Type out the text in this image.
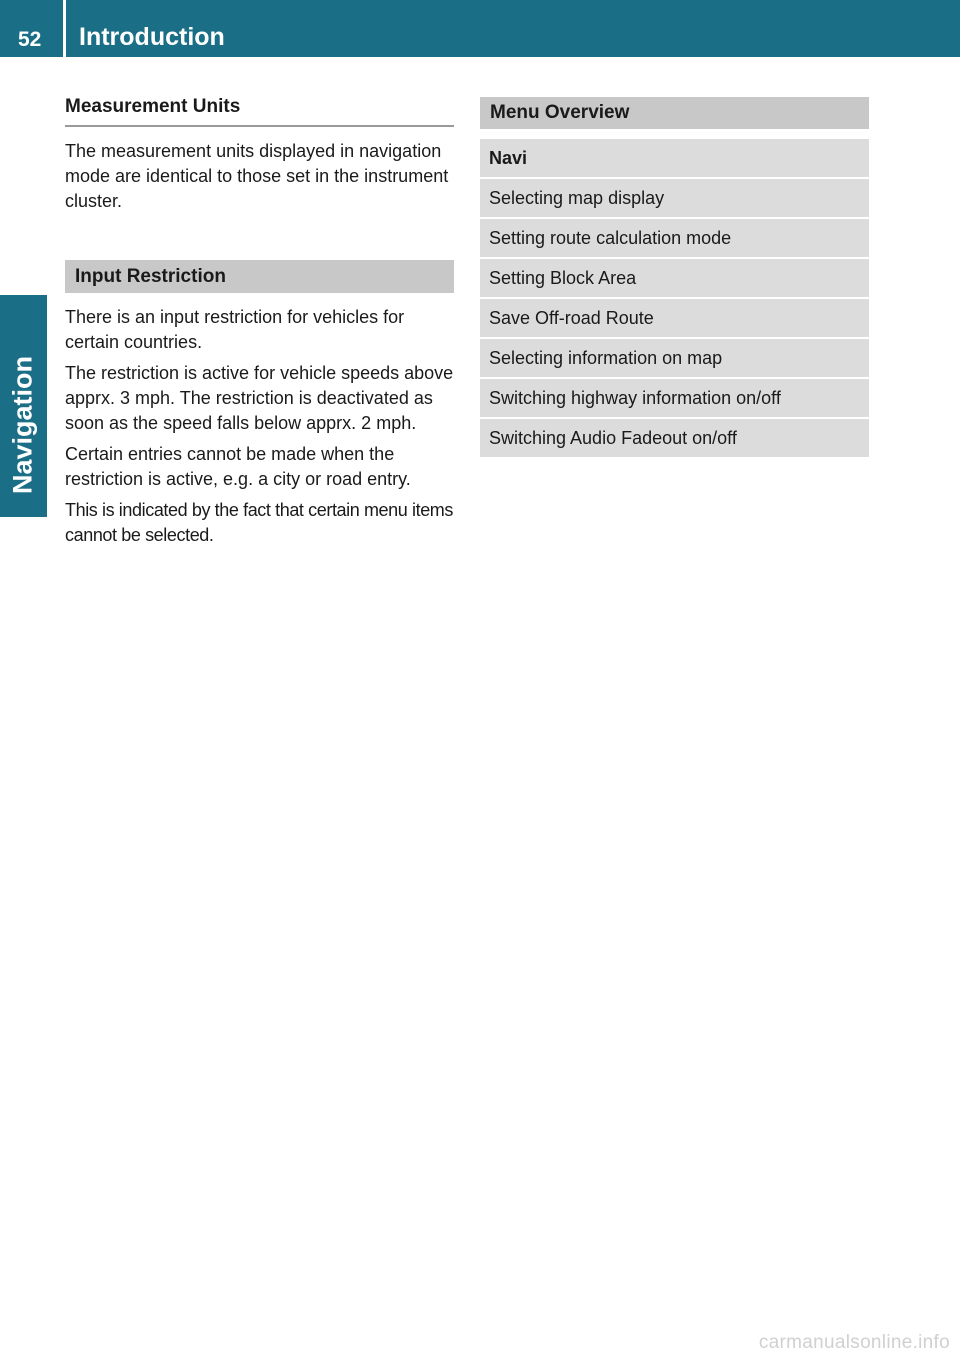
52 Introduction
Navigation
Measurement Units

The measurement units displayed in navigation mode are identical to those set in the instrument cluster.

Input Restriction

There is an input restriction for vehicles for certain countries.

The restriction is active for vehicle speeds above apprx. 3 mph. The restriction is deactivated as soon as the speed falls below apprx. 2 mph.

Certain entries cannot be made when the restriction is active, e.g. a city or road entry.

This is indicated by the fact that certain menu items cannot be selected.

Menu Overview
Navi
Selecting map display
Setting route calculation mode
Setting Block Area
Save Off-road Route
Selecting information on map
Switching highway information on/off
Switching Audio Fadeout on/off
carmanualsonline.info
